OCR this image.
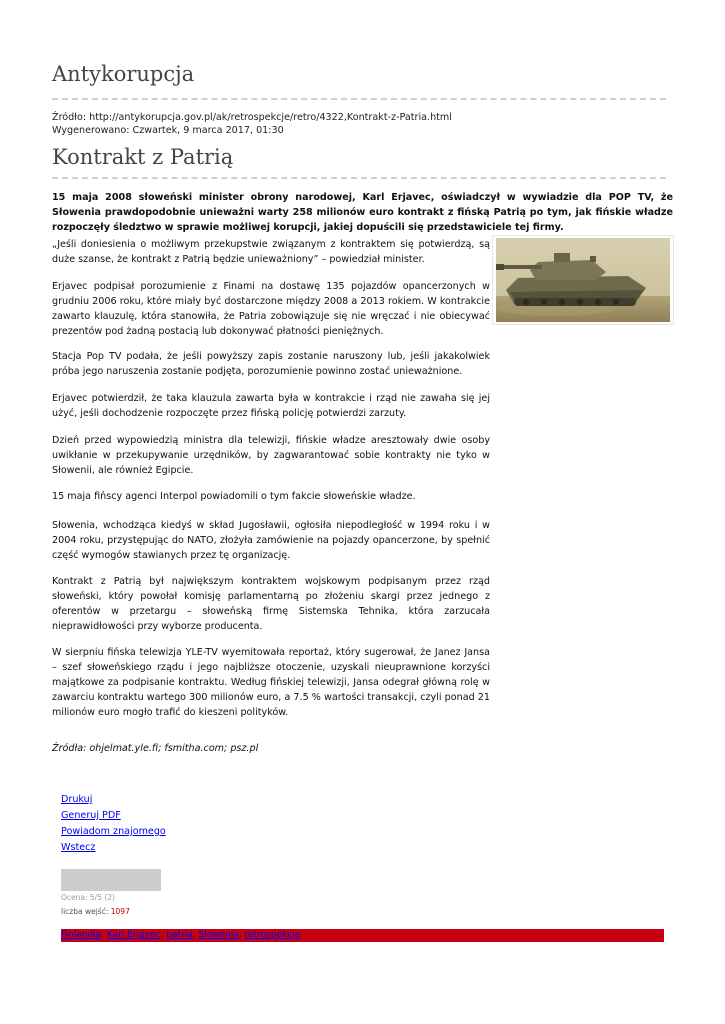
Antykorupcja
Źródło: http://antykorupcja.gov.pl/ak/retrospekcje/retro/4322,Kontrakt-z-Patria.html
Wygenerowano: Czwartek, 9 marca 2017, 01:30
Kontrakt z Patrią

15 maja 2008 słoweński minister obrony narodowej, Karl Erjavec, oświadczył w wywiadzie dla POP TV, że Słowenia prawdopodobnie unieważni warty 258 milionów euro kontrakt z fińską Patrią po tym, jak fińskie władze rozpoczęły śledztwo w sprawie możliwej korupcji, jakiej dopuścili się przedstawiciele tej firmy.

„Jeśli doniesienia o możliwym przekupstwie związanym z kontraktem się potwierdzą, są duże szanse, że kontrakt z Patrią będzie unieważniony” – powiedział minister.

Erjavec podpisał porozumienie z Finami na dostawę 135 pojazdów opancerzonych w grudniu 2006 roku, które miały być dostarczone między 2008 a 2013 rokiem. W kontrakcie zawarto klauzulę, która stanowiła, że Patria zobowiązuje się nie wręczać i nie obiecywać prezentów pod żadną postacią lub dokonywać płatności pieniężnych.

Stacja Pop TV podała, że jeśli powyższy zapis zostanie naruszony lub, jeśli jakakolwiek próba jego naruszenia zostanie podjęta, porozumienie powinno zostać unieważnione.

Erjavec potwierdził, że taka klauzula zawarta była w kontrakcie i rząd nie zawaha się jej użyć, jeśli dochodzenie rozpoczęte przez fińską policję potwierdzi zarzuty.

Dzień przed wypowiedzią ministra dla telewizji, fińskie władze aresztowały dwie osoby uwikłanie w przekupywanie urzędników, by zagwarantować sobie kontrakty nie tyko w Słowenii, ale również Egipcie.

15 maja fińscy agenci Interpol powiadomili o tym fakcie słoweńskie władze.

Słowenia, wchodząca kiedyś w skład Jugosławii, ogłosiła niepodległość w 1994 roku i w 2004 roku, przystępując do NATO, złożyła zamówienie na pojazdy opancerzone, by spełnić część wymogów stawianych przez tę organizację.

Kontrakt z Patrią był największym kontraktem wojskowym podpisanym przez rząd słoweński, który powołał komisję parlamentarną po złożeniu skargi przez jednego z oferentów w przetargu – słoweńską firmę Sistemska Tehnika, która zarzucała nieprawidłowości przy wyborze producenta.

W sierpniu fińska telewizja YLE-TV wyemitowała reportaż, który sugerował, że Janez Jansa – szef słoweńskiego rządu i jego najbliższe otoczenie, uzyskali nieuprawnione korzyści majątkowe za podpisanie kontraktu. Według fińskiej telewizji, Jansa odegrał główną rolę w zawarciu kontraktu wartego 300 milionów euro, a 7.5 % wartości transakcji, czyli ponad 21 milionów euro mogło trafić do kieszeni polityków.

Źródła: ohjelmat.yle.fi; fsmitha.com; psz.pl

Drukuj
Generuj PDF
Powiadom znajomego
Wstecz
Ocena: 5/5 (2)
liczba wejść: 1097
Finlandia, Karl Erjavec, patria, Słowenia, retrospekcje
